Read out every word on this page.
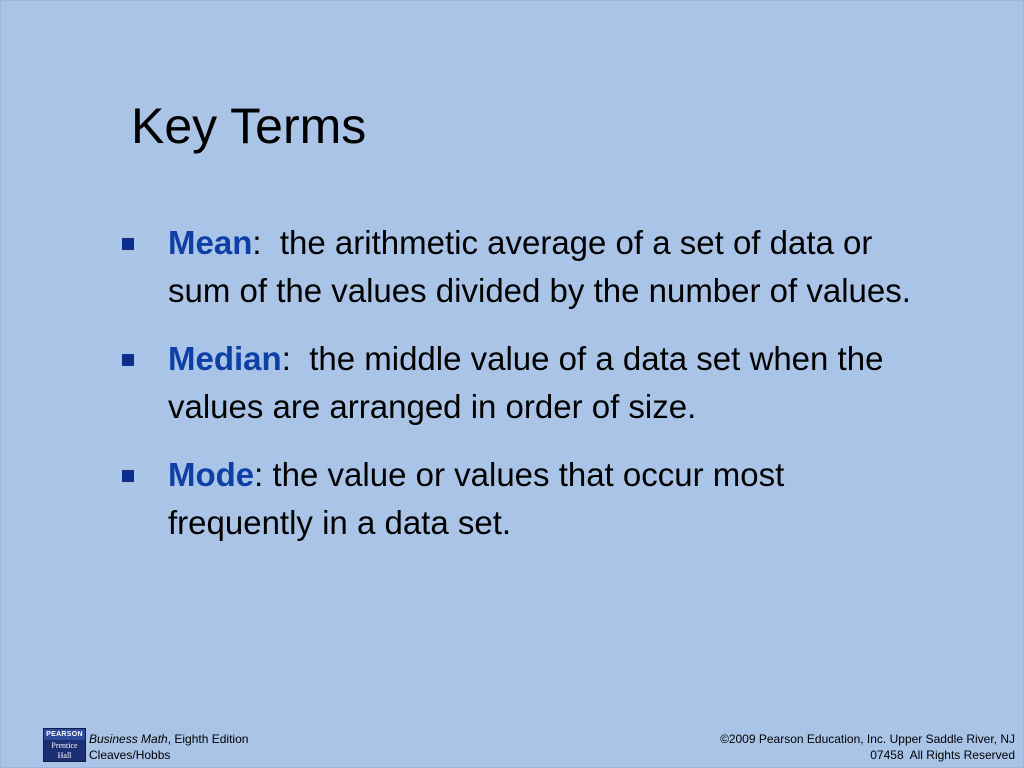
Key Terms
Mean:  the arithmetic average of a set of data or sum of the values divided by the number of values.
Median:  the middle value of a data set when the values are arranged in order of size.
Mode: the value or values that occur most frequently in a data set.
PEARSON
Prentice
Hall
Business Math, Eighth Edition
Cleaves/Hobbs
©2009 Pearson Education, Inc. Upper Saddle River, NJ
07458  All Rights Reserved
